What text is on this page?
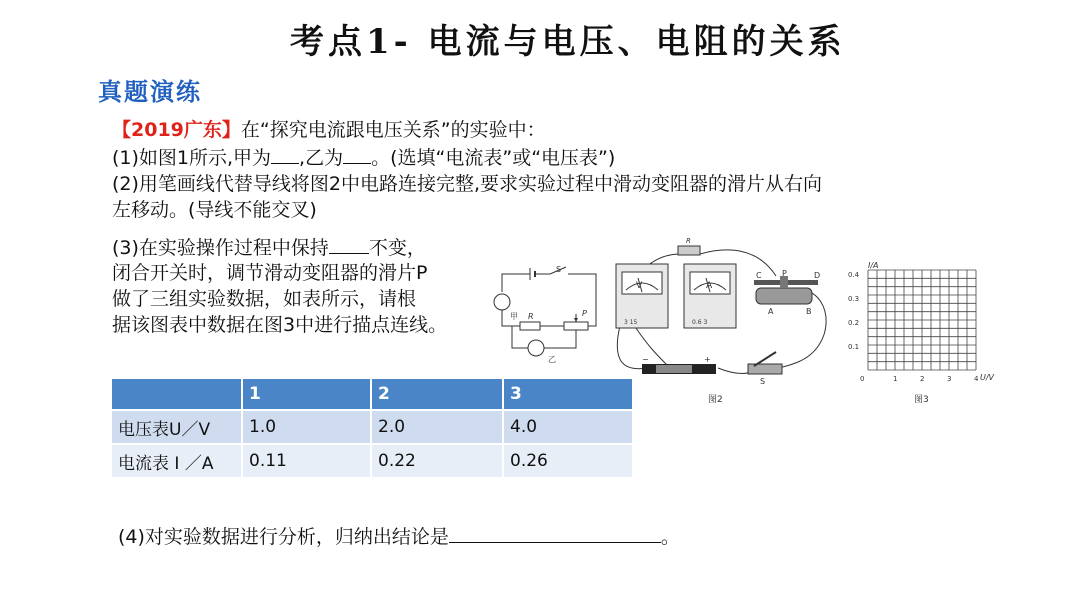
考点1- 电流与电压、电阻的关系
真题演练
【2019广东】在“探究电流跟电压关系”的实验中：
(1)如图1所示,甲为 ,乙为 。(选填“电流表”或“电压表”)
(2)用笔画线代替导线将图2中电路连接完整,要求实验过程中滑动变阻器的滑片从右向
左移动。(导线不能交叉)
(3)在实验操作过程中保持 不变，
闭合开关时，调节滑动变阻器的滑片P
做了三组实验数据，如表所示，请根
据该图表中数据在图3中进行描点连线。
	1	2	3
电压表U／V	1.0	2.0	4.0
电流表 I ／A	0.11	0.22	0.26
(4)对实验数据进行分析，归纳出结论是	。
S
甲 R	P
乙
R
V
3 15
A
0.6 3
C	P	D
A	B
−	+
S
图2
0.4
0.3
0.2
0.1
0	1	2	3	4
I/A
U/V
图3
